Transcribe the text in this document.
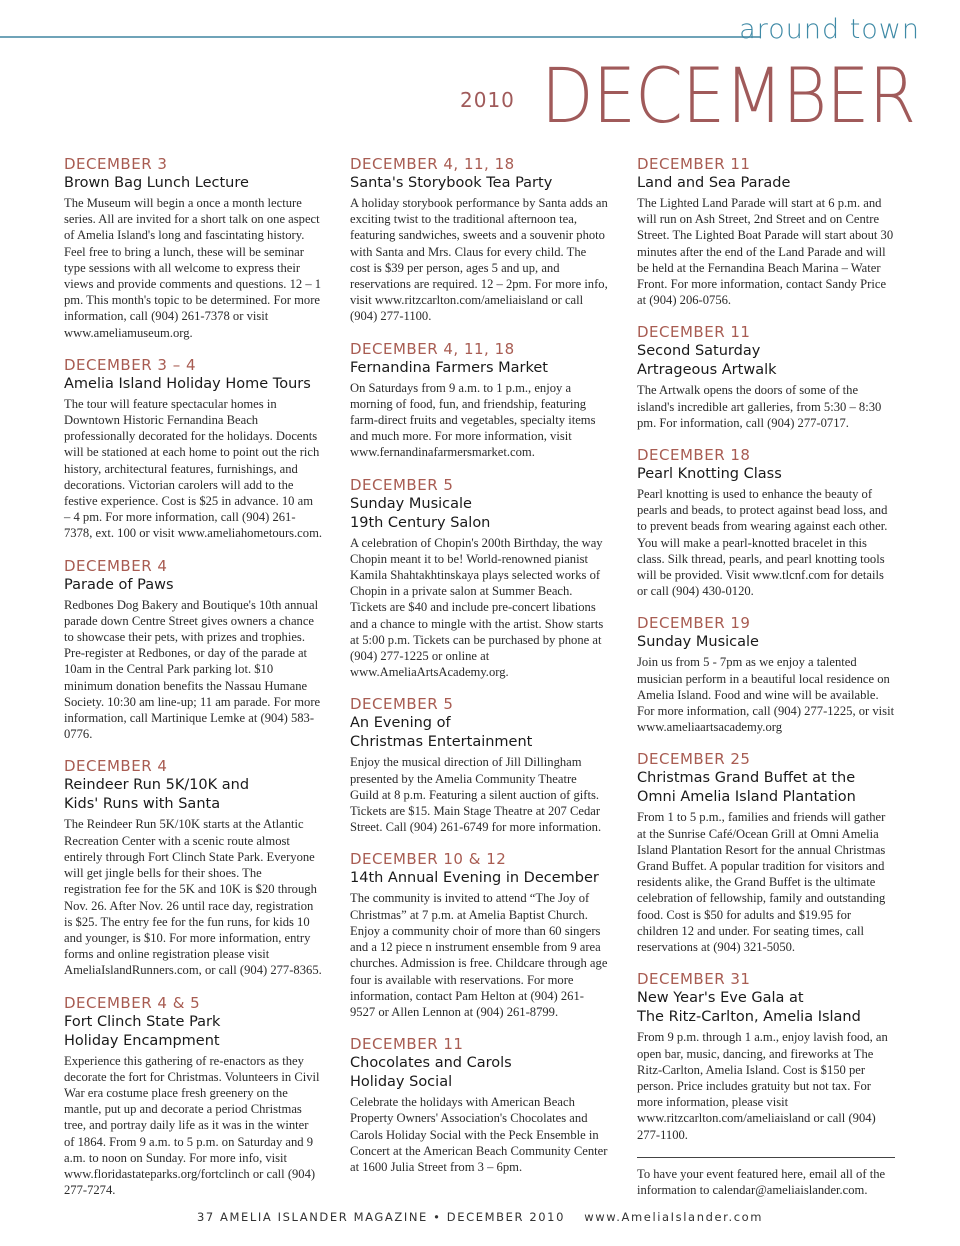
around town
2010 DECEMBER
DECEMBER 3
Brown Bag Lunch Lecture
The Museum will begin a once a month lecture series. All are invited for a short talk on one aspect of Amelia Island's long and fascintating history. Feel free to bring a lunch, these will be seminar type sessions with all welcome to express their views and provide comments and questions. 12 – 1 pm. This month's topic to be determined. For more information, call (904) 261-7378 or visit www.ameliamuseum.org.
DECEMBER 3 – 4
Amelia Island Holiday Home Tours
The tour will feature spectacular homes in Downtown Historic Fernandina Beach professionally decorated for the holidays. Docents will be stationed at each home to point out the rich history, architectural features, furnishings, and decorations. Victorian carolers will add to the festive experience. Cost is $25 in advance. 10 am – 4 pm. For more information, call (904) 261-7378, ext. 100 or visit www.ameliahometours.com.
DECEMBER 4
Parade of Paws
Redbones Dog Bakery and Boutique's 10th annual parade down Centre Street gives owners a chance to showcase their pets, with prizes and trophies. Pre-register at Redbones, or day of the parade at 10am in the Central Park parking lot. $10 minimum donation benefits the Nassau Humane Society. 10:30 am line-up; 11 am parade. For more information, call Martinique Lemke at (904) 583-0776.
DECEMBER 4
Reindeer Run 5K/10K and
Kids' Runs with Santa
The Reindeer Run 5K/10K starts at the Atlantic Recreation Center with a scenic route almost entirely through Fort Clinch State Park. Everyone will get jingle bells for their shoes. The registration fee for the 5K and 10K is $20 through Nov. 26. After Nov. 26 until race day, registration is $25. The entry fee for the fun runs, for kids 10 and younger, is $10. For more information, entry forms and online registration please visit AmeliaIslandRunners.com, or call (904) 277-8365.
DECEMBER 4 & 5
Fort Clinch State Park
Holiday Encampment
Experience this gathering of re-enactors as they decorate the fort for Christmas. Volunteers in Civil War era costume place fresh greenery on the mantle, put up and decorate a period Christmas tree, and portray daily life as it was in the winter of 1864. From 9 a.m. to 5 p.m. on Saturday and 9 a.m. to noon on Sunday. For more info, visit www.floridastateparks.org/fortclinch or call (904) 277-7274.
DECEMBER 4, 11, 18
Santa's Storybook Tea Party
A holiday storybook performance by Santa adds an exciting twist to the traditional afternoon tea, featuring sandwiches, sweets and a souvenir photo with Santa and Mrs. Claus for every child. The cost is $39 per person, ages 5 and up, and reservations are required. 12 – 2pm. For more info, visit www.ritzcarlton.com/ameliaisland or call (904) 277-1100.
DECEMBER 4, 11, 18
Fernandina Farmers Market
On Saturdays from 9 a.m. to 1 p.m., enjoy a morning of food, fun, and friendship, featuring farm-direct fruits and vegetables, specialty items and much more. For more information, visit www.fernandinafarmersmarket.com.
DECEMBER 5
Sunday Musicale
19th Century Salon
A celebration of Chopin's 200th Birthday, the way Chopin meant it to be! World-renowned pianist Kamila Shahtakhtinskaya plays selected works of Chopin in a private salon at Summer Beach. Tickets are $40 and include pre-concert libations and a chance to mingle with the artist. Show starts at 5:00 p.m. Tickets can be purchased by phone at (904) 277-1225 or online at www.AmeliaArtsAcademy.org.
DECEMBER 5
An Evening of
Christmas Entertainment
Enjoy the musical direction of Jill Dillingham presented by the Amelia Community Theatre Guild at 8 p.m. Featuring a silent auction of gifts. Tickets are $15. Main Stage Theatre at 207 Cedar Street. Call (904) 261-6749 for more information.
DECEMBER 10 & 12
14th Annual Evening in December
The community is invited to attend “The Joy of Christmas” at 7 p.m. at Amelia Baptist Church. Enjoy a community choir of more than 60 singers and a 12 piece n instrument ensemble from 9 area churches. Admission is free. Childcare through age four is available with reservations. For more information, contact Pam Helton at (904) 261-9527 or Allen Lennon at (904) 261-8799.
DECEMBER 11
Chocolates and Carols
Holiday Social
Celebrate the holidays with American Beach Property Owners' Association's Chocolates and Carols Holiday Social with the Peck Ensemble in Concert at the American Beach Community Center at 1600 Julia Street from 3 – 6pm.
DECEMBER 11
Land and Sea Parade
The Lighted Land Parade will start at 6 p.m. and will run on Ash Street, 2nd Street and on Centre Street. The Lighted Boat Parade will start about 30 minutes after the end of the Land Parade and will be held at the Fernandina Beach Marina – Water Front. For more information, contact Sandy Price at (904) 206-0756.
DECEMBER 11
Second Saturday
Artrageous Artwalk
The Artwalk opens the doors of some of the island's incredible art galleries, from 5:30 – 8:30 pm. For information, call (904) 277-0717.
DECEMBER 18
Pearl Knotting Class
Pearl knotting is used to enhance the beauty of pearls and beads, to protect against bead loss, and to prevent beads from wearing against each other. You will make a pearl-knotted bracelet in this class. Silk thread, pearls, and pearl knotting tools will be provided. Visit www.tlcnf.com for details or call (904) 430-0120.
DECEMBER 19
Sunday Musicale
Join us from 5 - 7pm as we enjoy a talented musician perform in a beautiful local residence on Amelia Island. Food and wine will be available. For more information, call (904) 277-1225, or visit www.ameliaartsacademy.org
DECEMBER 25
Christmas Grand Buffet at the
Omni Amelia Island Plantation
From 1 to 5 p.m., families and friends will gather at the Sunrise Café/Ocean Grill at Omni Amelia Island Plantation Resort for the annual Christmas Grand Buffet. A popular tradition for visitors and residents alike, the Grand Buffet is the ultimate celebration of fellowship, family and outstanding food. Cost is $50 for adults and $19.95 for children 12 and under. For seating times, call reservations at (904) 321-5050.
DECEMBER 31
New Year's Eve Gala at
The Ritz-Carlton, Amelia Island
From 9 p.m. through 1 a.m., enjoy lavish food, an open bar, music, dancing, and fireworks at The Ritz-Carlton, Amelia Island. Cost is $150 per person. Price includes gratuity but not tax. For more information, please visit www.ritzcarlton.com/ameliaisland or call (904) 277-1100.
To have your event featured here, email all of the information to calendar@ameliaislander.com.
37 AMELIA ISLANDER MAGAZINE • DECEMBER 2010 www.AmeliaIslander.com
